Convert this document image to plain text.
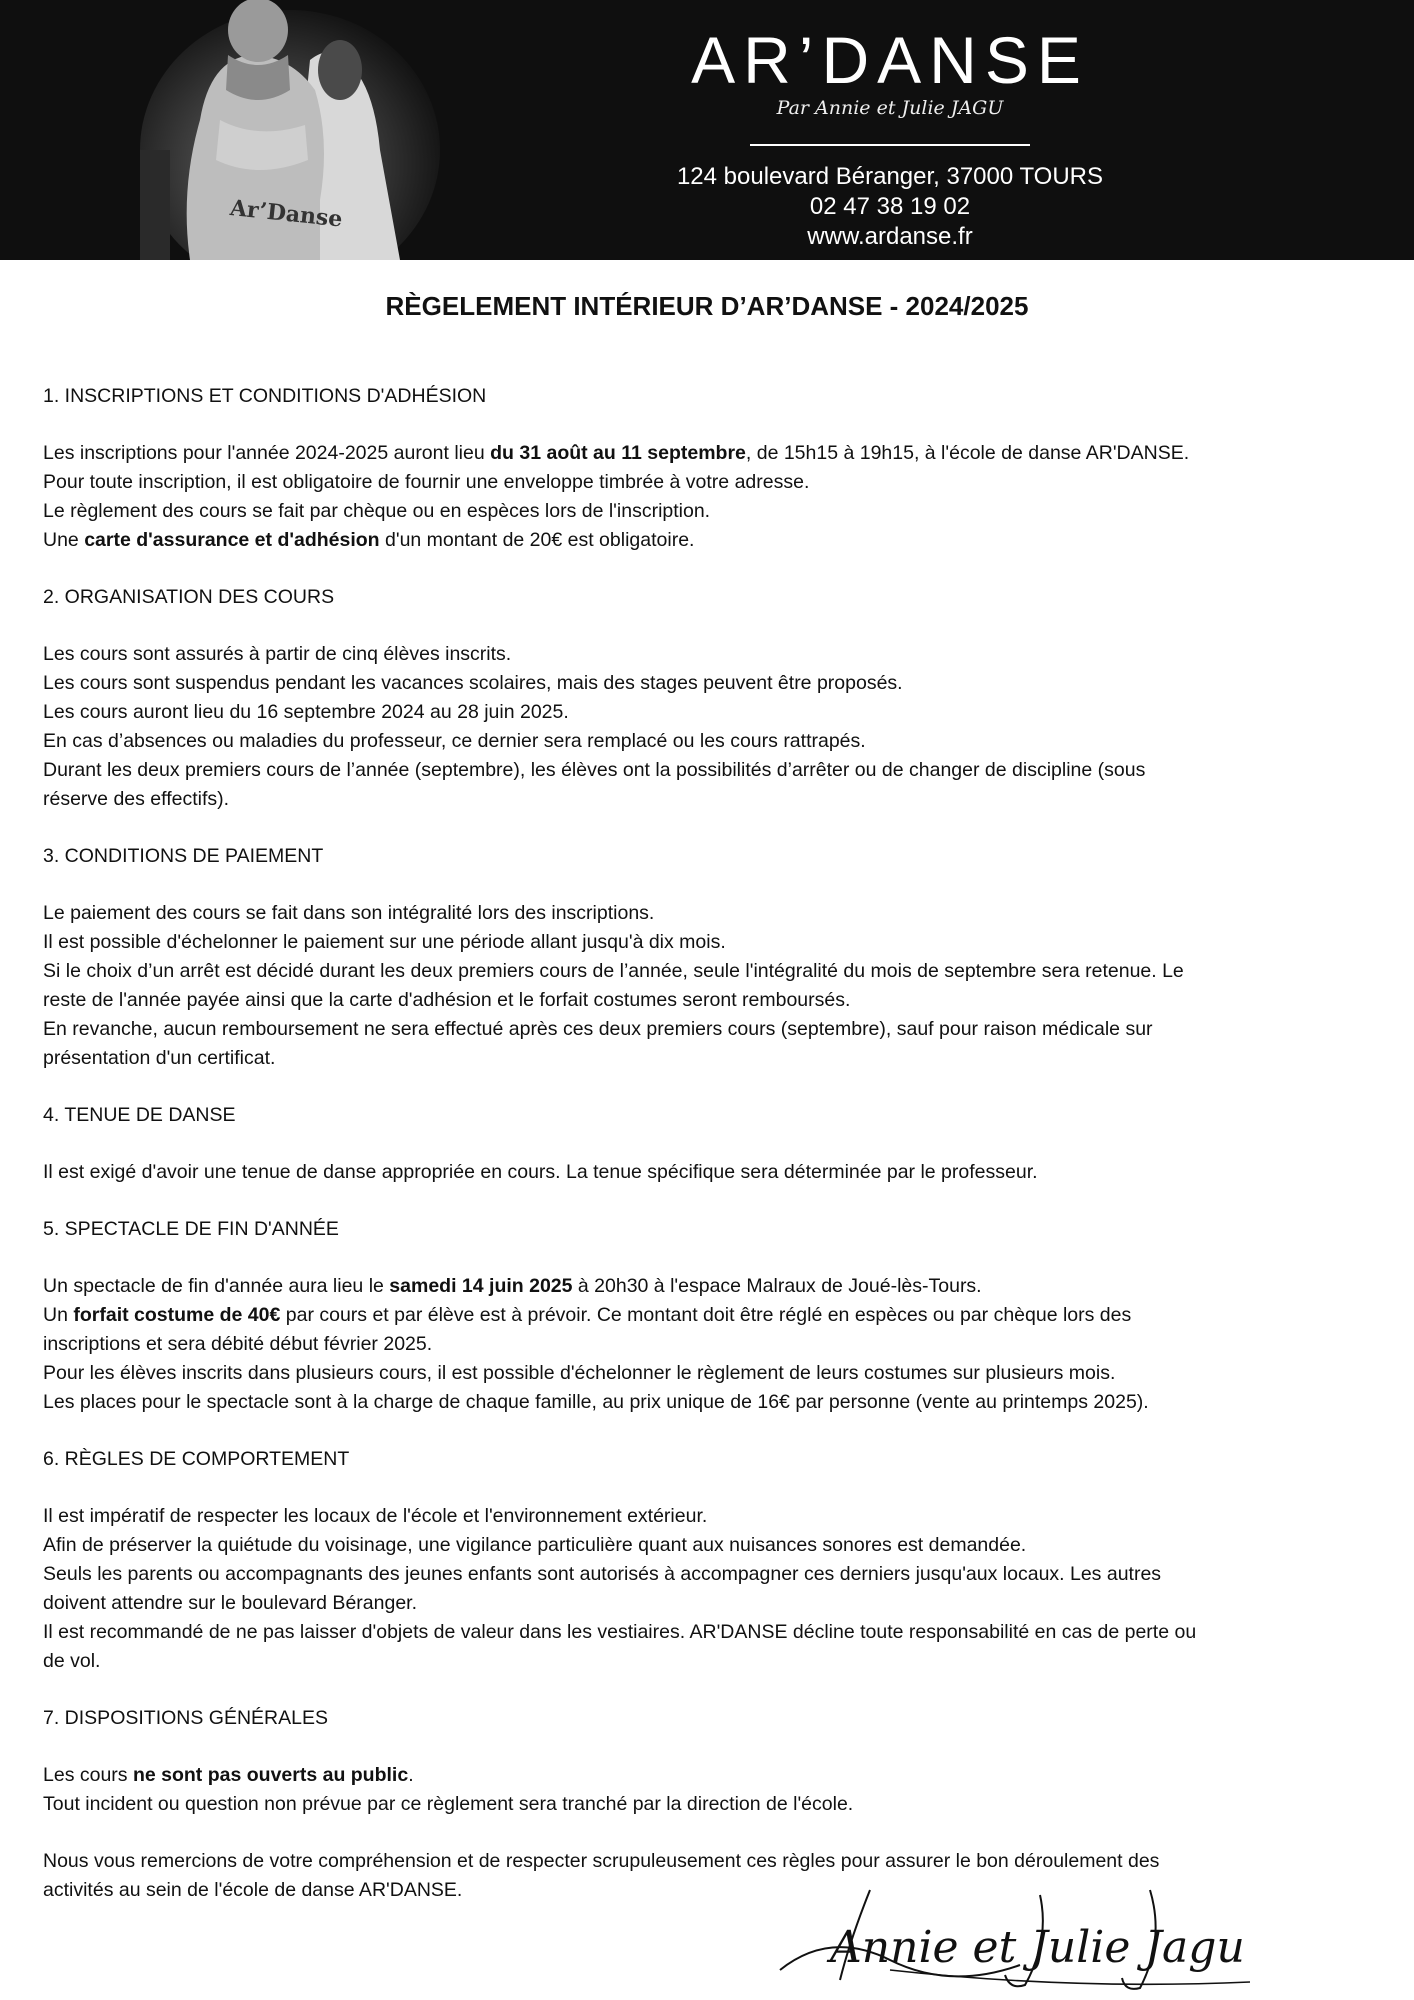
Ar’Danse
AR’DANSE
Par Annie et Julie JAGU
124 boulevard Béranger, 37000 TOURS
02 47 38 19 02
www.ardanse.fr
RÈGELEMENT INTÉRIEUR D’AR’DANSE - 2024/2025
1. INSCRIPTIONS ET CONDITIONS D'ADHÉSION
Les inscriptions pour l'année 2024-2025 auront lieu du 31 août au 11 septembre, de 15h15 à 19h15, à l'école de danse AR'DANSE.
Pour toute inscription, il est obligatoire de fournir une enveloppe timbrée à votre adresse.
Le règlement des cours se fait par chèque ou en espèces lors de l'inscription.
Une carte d'assurance et d'adhésion d'un montant de 20€ est obligatoire.
2. ORGANISATION DES COURS
Les cours sont assurés à partir de cinq élèves inscrits.
Les cours sont suspendus pendant les vacances scolaires, mais des stages peuvent être proposés.
Les cours auront lieu du 16 septembre 2024 au 28 juin 2025.
En cas d’absences ou maladies du professeur, ce dernier sera remplacé ou les cours rattrapés.
Durant les deux premiers cours de l’année (septembre), les élèves ont la possibilités d’arrêter ou de changer de discipline (sous
réserve des effectifs).
3. CONDITIONS DE PAIEMENT
Le paiement des cours se fait dans son intégralité lors des inscriptions.
Il est possible d'échelonner le paiement sur une période allant jusqu'à dix mois.
Si le choix d’un arrêt est décidé durant les deux premiers cours de l’année, seule l'intégralité du mois de septembre sera retenue. Le
reste de l'année payée ainsi que la carte d'adhésion et le forfait costumes seront remboursés.
En revanche, aucun remboursement ne sera effectué après ces deux premiers cours (septembre), sauf pour raison médicale sur
présentation d'un certificat.
4. TENUE DE DANSE
Il est exigé d'avoir une tenue de danse appropriée en cours. La tenue spécifique sera déterminée par le professeur.
5. SPECTACLE DE FIN D'ANNÉE
Un spectacle de fin d'année aura lieu le samedi 14 juin 2025 à 20h30 à l'espace Malraux de Joué-lès-Tours.
Un forfait costume de 40€ par cours et par élève est à prévoir. Ce montant doit être réglé en espèces ou par chèque lors des
inscriptions et sera débité début février 2025.
Pour les élèves inscrits dans plusieurs cours, il est possible d'échelonner le règlement de leurs costumes sur plusieurs mois.
Les places pour le spectacle sont à la charge de chaque famille, au prix unique de 16€ par personne (vente au printemps 2025).
6. RÈGLES DE COMPORTEMENT
Il est impératif de respecter les locaux de l'école et l'environnement extérieur.
Afin de préserver la quiétude du voisinage, une vigilance particulière quant aux nuisances sonores est demandée.
Seuls les parents ou accompagnants des jeunes enfants sont autorisés à accompagner ces derniers jusqu'aux locaux. Les autres
doivent attendre sur le boulevard Béranger.
Il est recommandé de ne pas laisser d'objets de valeur dans les vestiaires. AR'DANSE décline toute responsabilité en cas de perte ou
de vol.
7. DISPOSITIONS GÉNÉRALES
Les cours ne sont pas ouverts au public.
Tout incident ou question non prévue par ce règlement sera tranché par la direction de l'école.
Nous vous remercions de votre compréhension et de respecter scrupuleusement ces règles pour assurer le bon déroulement des
activités au sein de l'école de danse AR'DANSE.
Annie et Julie Jagu
